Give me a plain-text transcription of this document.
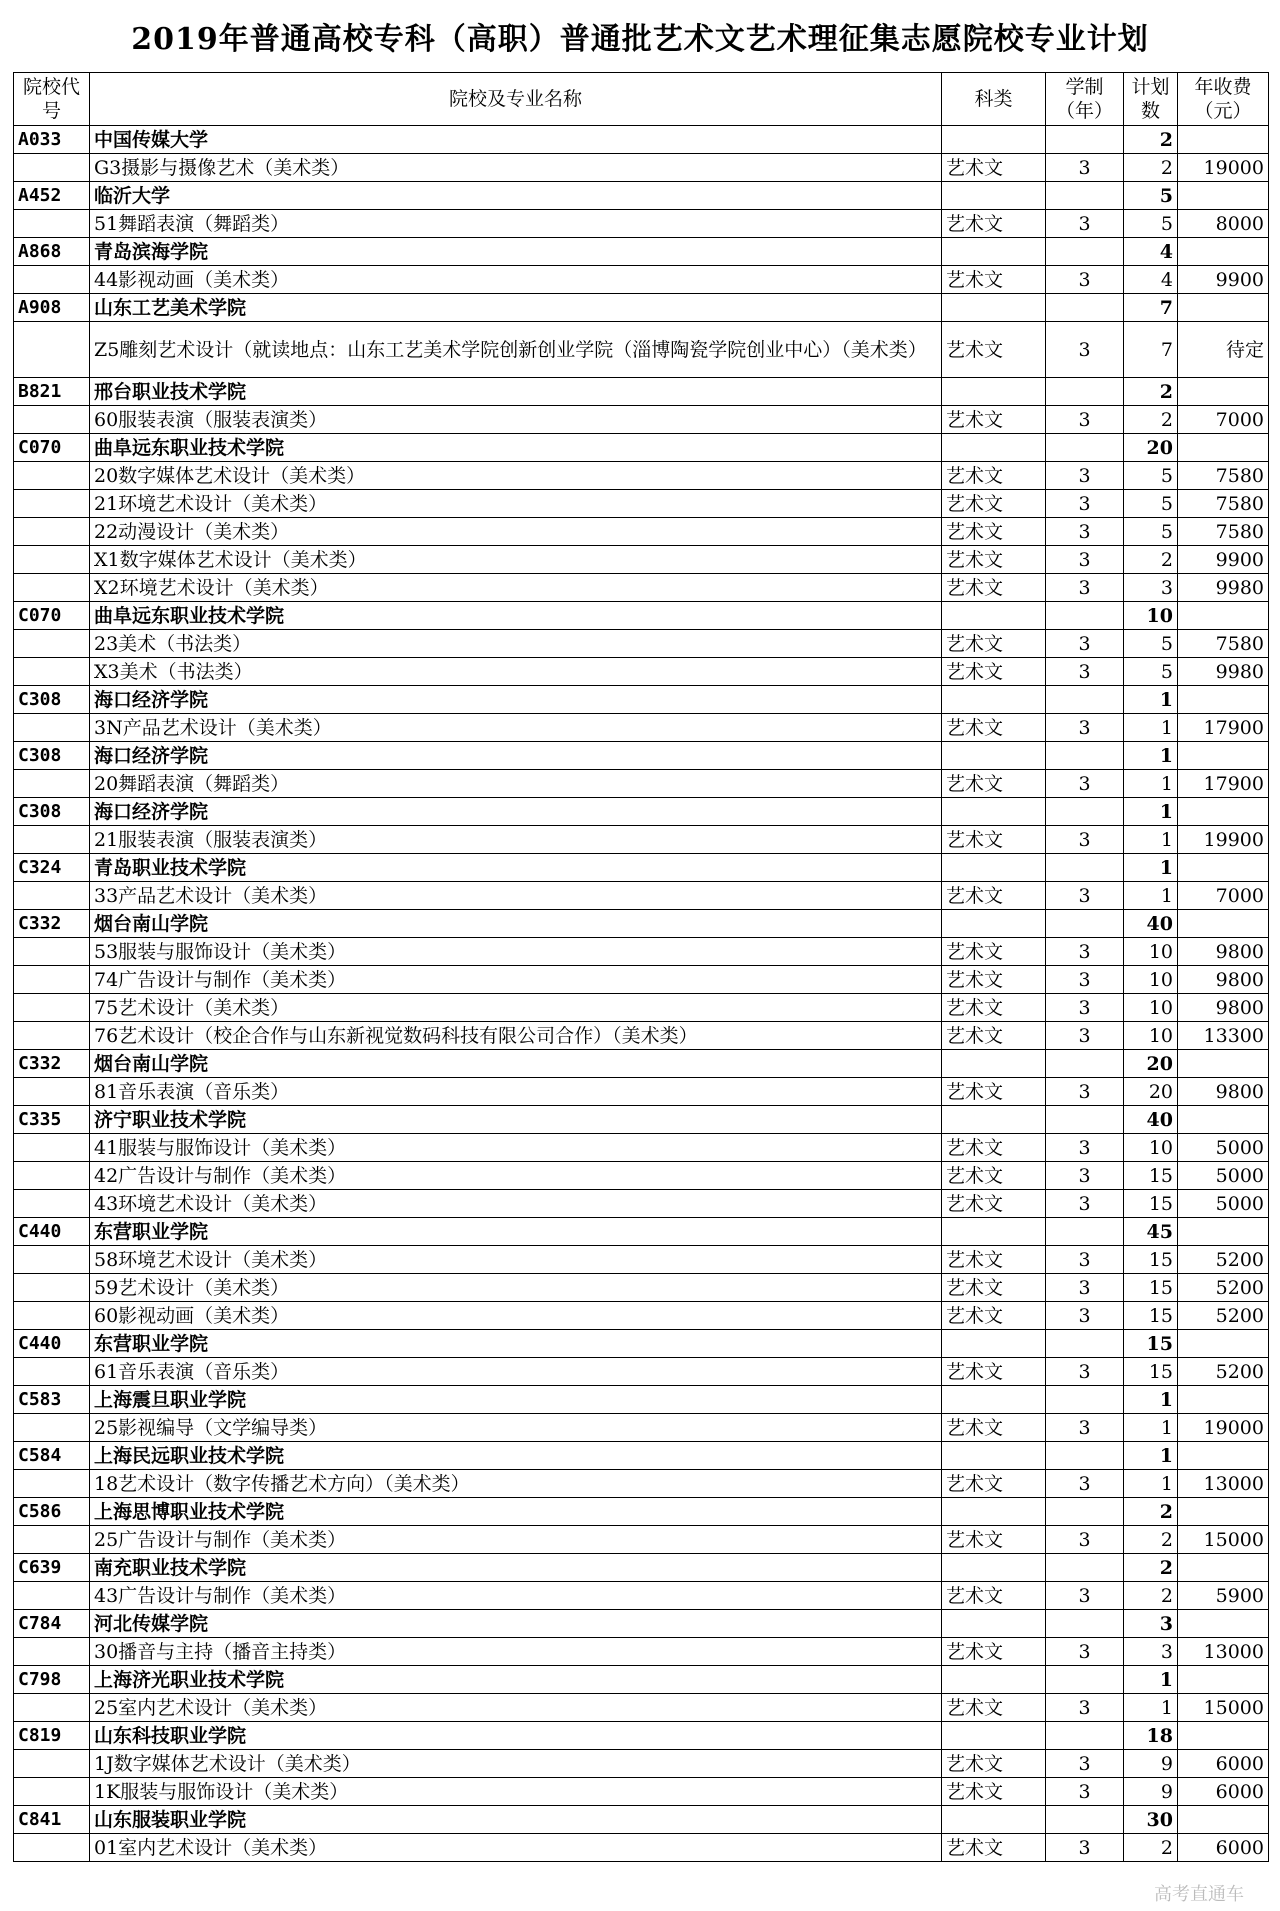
2019年普通高校专科（高职）普通批艺术文艺术理征集志愿院校专业计划
院校代号	院校及专业名称	科类	学制（年）	计划数	年收费（元）
A033	中国传媒大学			2	
	G3摄影与摄像艺术（美术类）	艺术文	3	2	19000
A452	临沂大学			5	
	51舞蹈表演（舞蹈类）	艺术文	3	5	8000
A868	青岛滨海学院			4	
	44影视动画（美术类）	艺术文	3	4	9900
A908	山东工艺美术学院			7	
	Z5雕刻艺术设计（就读地点：山东工艺美术学院创新创业学院（淄博陶瓷学院创业中心）（美术类）	艺术文	3	7	待定
B821	邢台职业技术学院			2	
	60服装表演（服装表演类）	艺术文	3	2	7000
C070	曲阜远东职业技术学院			20	
	20数字媒体艺术设计（美术类）	艺术文	3	5	7580
	21环境艺术设计（美术类）	艺术文	3	5	7580
	22动漫设计（美术类）	艺术文	3	5	7580
	X1数字媒体艺术设计（美术类）	艺术文	3	2	9900
	X2环境艺术设计（美术类）	艺术文	3	3	9980
C070	曲阜远东职业技术学院			10	
	23美术（书法类）	艺术文	3	5	7580
	X3美术（书法类）	艺术文	3	5	9980
C308	海口经济学院			1	
	3N产品艺术设计（美术类）	艺术文	3	1	17900
C308	海口经济学院			1	
	20舞蹈表演（舞蹈类）	艺术文	3	1	17900
C308	海口经济学院			1	
	21服装表演（服装表演类）	艺术文	3	1	19900
C324	青岛职业技术学院			1	
	33产品艺术设计（美术类）	艺术文	3	1	7000
C332	烟台南山学院			40	
	53服装与服饰设计（美术类）	艺术文	3	10	9800
	74广告设计与制作（美术类）	艺术文	3	10	9800
	75艺术设计（美术类）	艺术文	3	10	9800
	76艺术设计（校企合作与山东新视觉数码科技有限公司合作）（美术类）	艺术文	3	10	13300
C332	烟台南山学院			20	
	81音乐表演（音乐类）	艺术文	3	20	9800
C335	济宁职业技术学院			40	
	41服装与服饰设计（美术类）	艺术文	3	10	5000
	42广告设计与制作（美术类）	艺术文	3	15	5000
	43环境艺术设计（美术类）	艺术文	3	15	5000
C440	东营职业学院			45	
	58环境艺术设计（美术类）	艺术文	3	15	5200
	59艺术设计（美术类）	艺术文	3	15	5200
	60影视动画（美术类）	艺术文	3	15	5200
C440	东营职业学院			15	
	61音乐表演（音乐类）	艺术文	3	15	5200
C583	上海震旦职业学院			1	
	25影视编导（文学编导类）	艺术文	3	1	19000
C584	上海民远职业技术学院			1	
	18艺术设计（数字传播艺术方向）（美术类）	艺术文	3	1	13000
C586	上海思博职业技术学院			2	
	25广告设计与制作（美术类）	艺术文	3	2	15000
C639	南充职业技术学院			2	
	43广告设计与制作（美术类）	艺术文	3	2	5900
C784	河北传媒学院			3	
	30播音与主持（播音主持类）	艺术文	3	3	13000
C798	上海济光职业技术学院			1	
	25室内艺术设计（美术类）	艺术文	3	1	15000
C819	山东科技职业学院			18	
	1J数字媒体艺术设计（美术类）	艺术文	3	9	6000
	1K服装与服饰设计（美术类）	艺术文	3	9	6000
C841	山东服装职业学院			30	
	01室内艺术设计（美术类）	艺术文	3	2	6000
高考直通车
